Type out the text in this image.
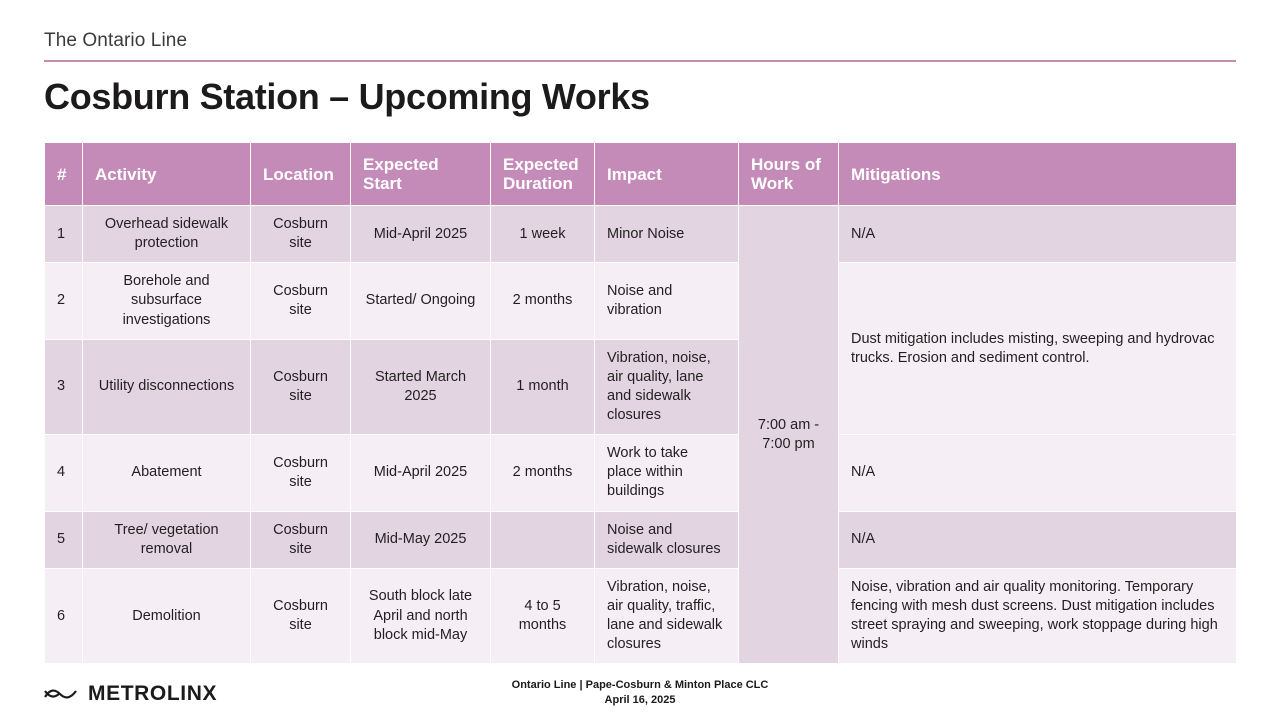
The Ontario Line
Cosburn Station – Upcoming Works
#	Activity	Location	Expected Start	Expected Duration	Impact	Hours of Work	Mitigations
1	Overhead sidewalk protection	Cosburn site	Mid-April 2025	1 week	Minor Noise	7:00 am - 7:00 pm	N/A
2	Borehole and subsurface investigations	Cosburn site	Started/ Ongoing	2 months	Noise and vibration		Dust mitigation includes misting, sweeping and hydrovac trucks. Erosion and sediment control.
3	Utility disconnections	Cosburn site	Started March 2025	1 month	Vibration, noise, air quality, lane and sidewalk closures		
4	Abatement	Cosburn site	Mid-April 2025	2 months	Work to take place within buildings		N/A
5	Tree/ vegetation removal	Cosburn site	Mid-May 2025		Noise and sidewalk closures		N/A
6	Demolition	Cosburn site	South block late April and north block mid-May	4 to 5 months	Vibration, noise, air quality, traffic, lane and sidewalk closures		Noise, vibration and air quality monitoring. Temporary fencing with mesh dust screens. Dust mitigation includes street spraying and sweeping, work stoppage during high winds
METROLINX	Ontario Line | Pape-Cosburn & Minton Place CLC
April 16, 2025
